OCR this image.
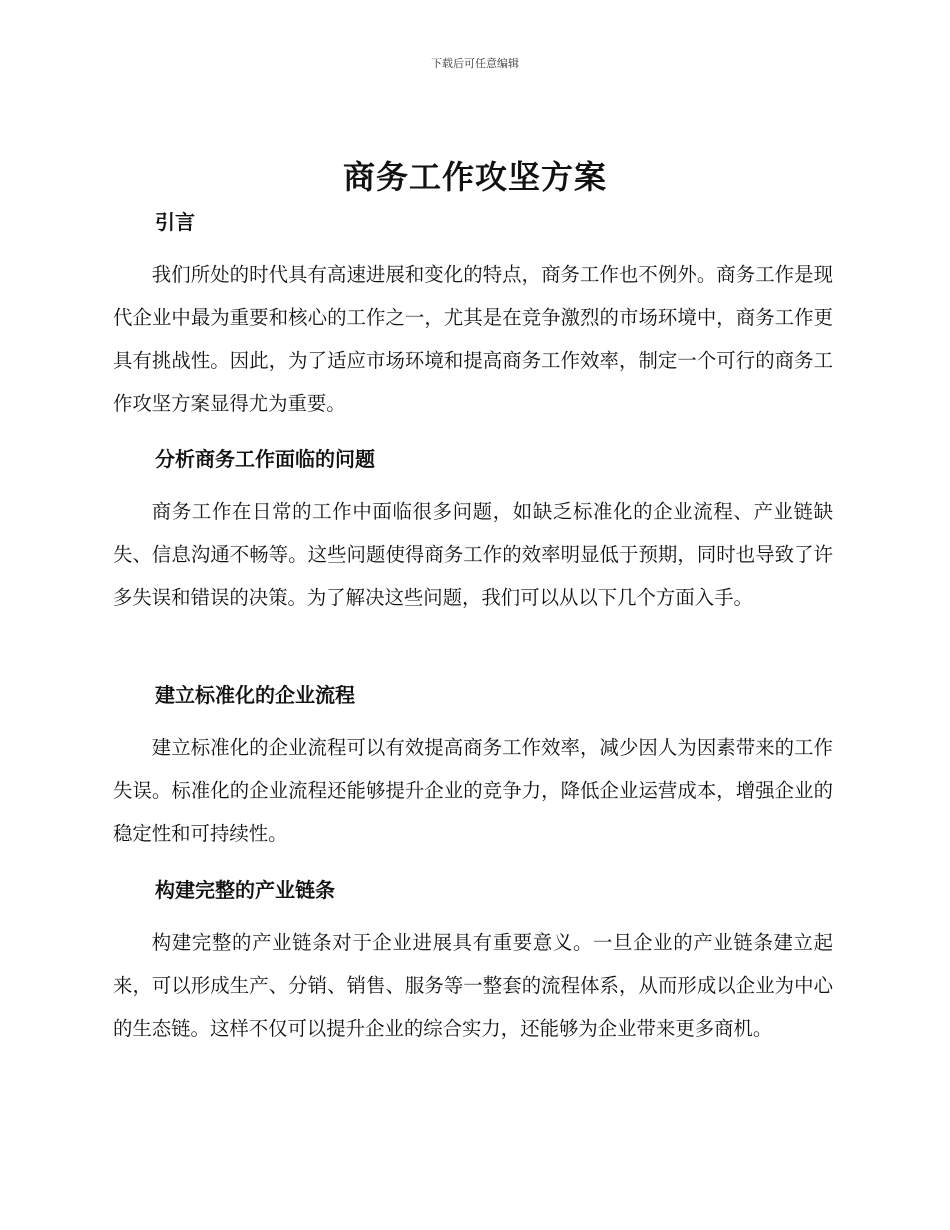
下载后可任意编辑
商务工作攻坚方案
引言

我们所处的时代具有高速进展和变化的特点，商务工作也不例外。商务工作是现代企业中最为重要和核心的工作之一，尤其是在竞争激烈的市场环境中，商务工作更具有挑战性。因此，为了适应市场环境和提高商务工作效率，制定一个可行的商务工作攻坚方案显得尤为重要。

分析商务工作面临的问题

商务工作在日常的工作中面临很多问题，如缺乏标准化的企业流程、产业链缺失、信息沟通不畅等。这些问题使得商务工作的效率明显低于预期，同时也导致了许多失误和错误的决策。为了解决这些问题，我们可以从以下几个方面入手。

建立标准化的企业流程

建立标准化的企业流程可以有效提高商务工作效率，减少因人为因素带来的工作失误。标准化的企业流程还能够提升企业的竞争力，降低企业运营成本，增强企业的稳定性和可持续性。

构建完整的产业链条

构建完整的产业链条对于企业进展具有重要意义。一旦企业的产业链条建立起来，可以形成生产、分销、销售、服务等一整套的流程体系，从而形成以企业为中心的生态链。这样不仅可以提升企业的综合实力，还能够为企业带来更多商机。
